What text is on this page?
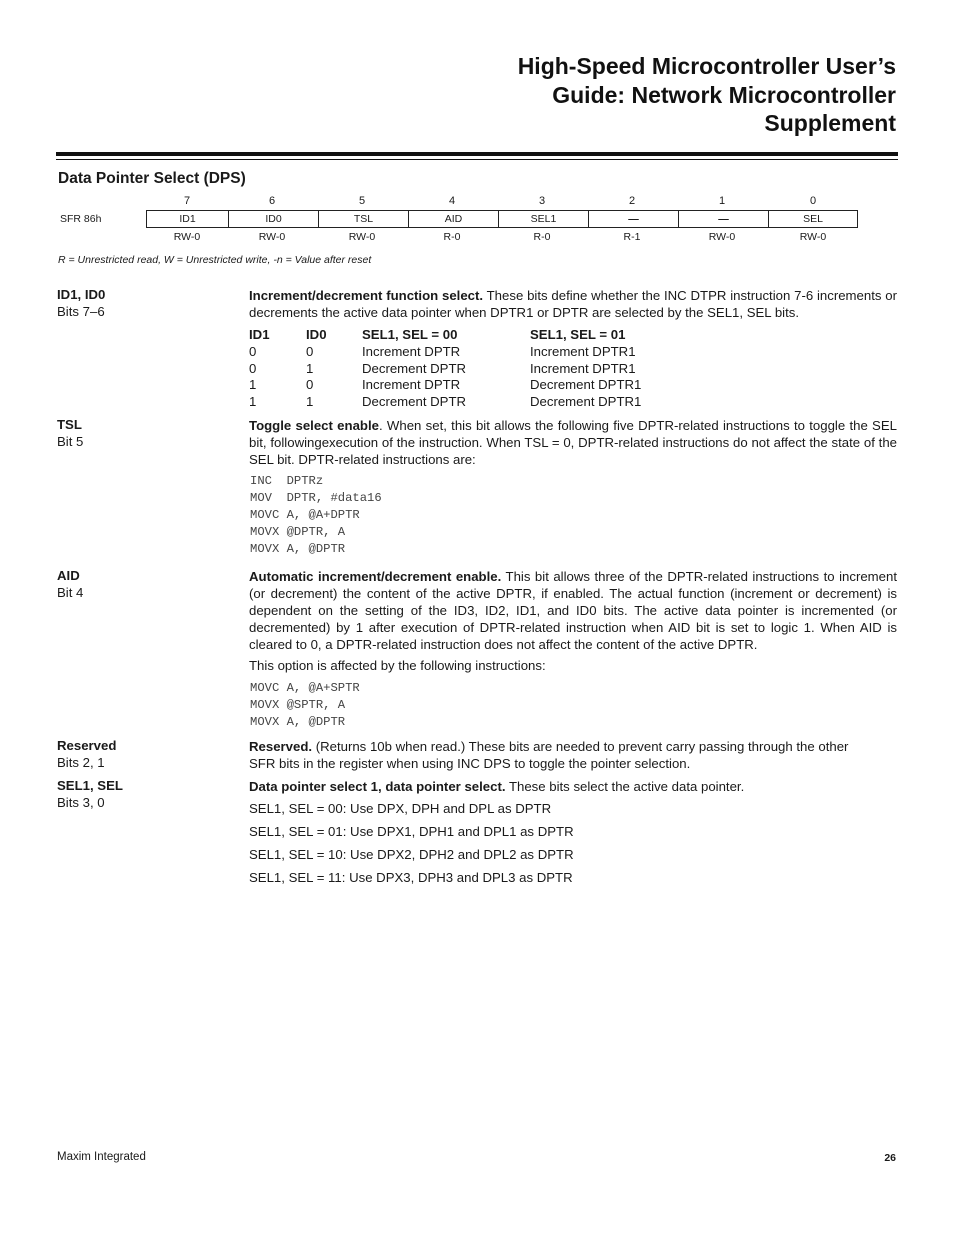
High-Speed Microcontroller User’s
Guide: Network Microcontroller
Supplement
Data Pointer Select (DPS)
7	6	5	4	3	2	1	0
SFR 86h	ID1	ID0	TSL	AID	SEL1	—	—	SEL
RW-0	RW-0	RW-0	R-0	R-0	R-1	RW-0	RW-0
R = Unrestricted read, W = Unrestricted write, -n = Value after reset
ID1, ID0
Bits 7–6
Increment/decrement function select. These bits define whether the INC DTPR instruction 7-6 increments or decrements the active data pointer when DPTR1 or DPTR are selected by the SEL1, SEL bits.
ID1	ID0	SEL1, SEL = 00	SEL1, SEL = 01
0	0	Increment DPTR	Increment DPTR1
0	1	Decrement DPTR	Increment DPTR1
1	0	Increment DPTR	Decrement DPTR1
1	1	Decrement DPTR	Decrement DPTR1
TSL
Bit 5
Toggle select enable. When set, this bit allows the following five DPTR-related instructions to toggle the SEL bit, followingexecution of the instruction. When TSL = 0, DPTR-related instructions do not affect the state of the SEL bit. DPTR-related instructions are:
INC  DPTRz
MOV  DPTR, #data16
MOVC A, @A+DPTR
MOVX @DPTR, A
MOVX A, @DPTR
AID
Bit 4
Automatic increment/decrement enable. This bit allows three of the DPTR-related instructions to increment (or decrement) the content of the active DPTR, if enabled. The actual function (increment or decrement) is dependent on the setting of the ID3, ID2, ID1, and ID0 bits. The active data pointer is incremented (or decremented) by 1 after execution of DPTR-related instruction when AID bit is set to logic 1. When AID is cleared to 0, a DPTR-related instruction does not affect the content of the active DPTR.
This option is affected by the following instructions:
MOVC A, @A+SPTR
MOVX @SPTR, A
MOVX A, @DPTR
Reserved
Bits 2, 1
Reserved. (Returns 10b when read.) These bits are needed to prevent carry passing through the other SFR bits in the register when using INC DPS to toggle the pointer selection.
SEL1, SEL
Bits 3, 0
Data pointer select 1, data pointer select. These bits select the active data pointer.
SEL1, SEL = 00: Use DPX, DPH and DPL as DPTR
SEL1, SEL = 01: Use DPX1, DPH1 and DPL1 as DPTR
SEL1, SEL = 10: Use DPX2, DPH2 and DPL2 as DPTR
SEL1, SEL = 11: Use DPX3, DPH3 and DPL3 as DPTR
Maxim Integrated	26
